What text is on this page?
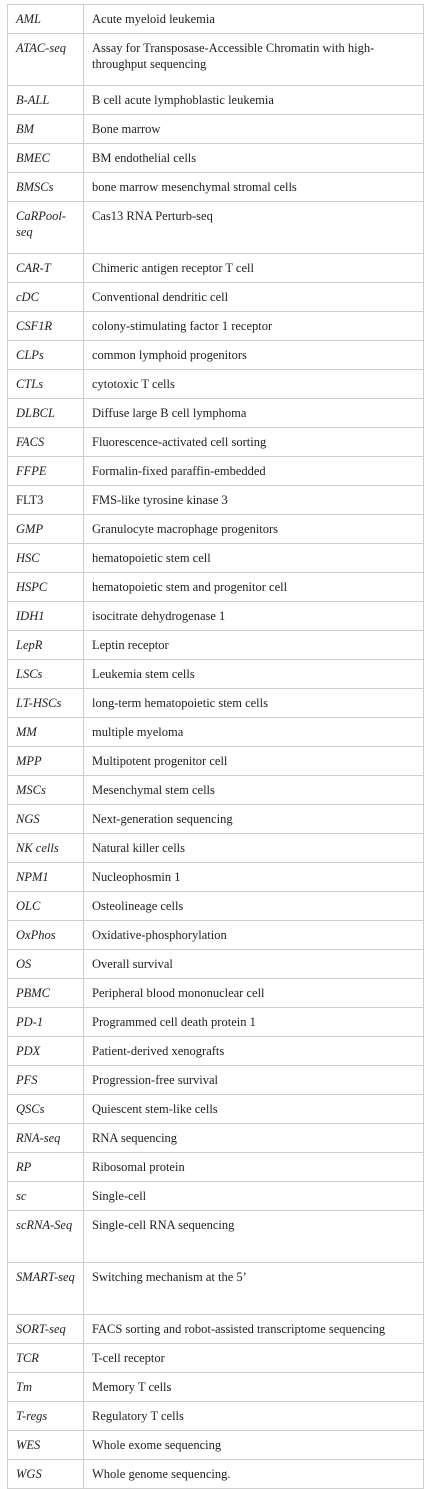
AML	Acute myeloid leukemia
ATAC-seq	Assay for Transposase-Accessible Chromatin with high-throughput sequencing
B-ALL	B cell acute lymphoblastic leukemia
BM	Bone marrow
BMEC	BM endothelial cells
BMSCs	bone marrow mesenchymal stromal cells
CaRPool-seq	Cas13 RNA Perturb-seq
CAR-T	Chimeric antigen receptor T cell
cDC	Conventional dendritic cell
CSF1R	colony-stimulating factor 1 receptor
CLPs	common lymphoid progenitors
CTLs	cytotoxic T cells
DLBCL	Diffuse large B cell lymphoma
FACS	Fluorescence-activated cell sorting
FFPE	Formalin-fixed paraffin-embedded
FLT3	FMS-like tyrosine kinase 3
GMP	Granulocyte macrophage progenitors
HSC	hematopoietic stem cell
HSPC	hematopoietic stem and progenitor cell
IDH1	isocitrate dehydrogenase 1
LepR	Leptin receptor
LSCs	Leukemia stem cells
LT-HSCs	long-term hematopoietic stem cells
MM	multiple myeloma
MPP	Multipotent progenitor cell
MSCs	Mesenchymal stem cells
NGS	Next-generation sequencing
NK cells	Natural killer cells
NPM1	Nucleophosmin 1
OLC	Osteolineage cells
OxPhos	Oxidative-phosphorylation
OS	Overall survival
PBMC	Peripheral blood mononuclear cell
PD-1	Programmed cell death protein 1
PDX	Patient-derived xenografts
PFS	Progression-free survival
QSCs	Quiescent stem-like cells
RNA-seq	RNA sequencing
RP	Ribosomal protein
sc	Single-cell
scRNA-Seq	Single-cell RNA sequencing
SMART-seq	Switching mechanism at the 5’
SORT-seq	FACS sorting and robot-assisted transcriptome sequencing
TCR	T-cell receptor
Tm	Memory T cells
T-regs	Regulatory T cells
WES	Whole exome sequencing
WGS	Whole genome sequencing.
